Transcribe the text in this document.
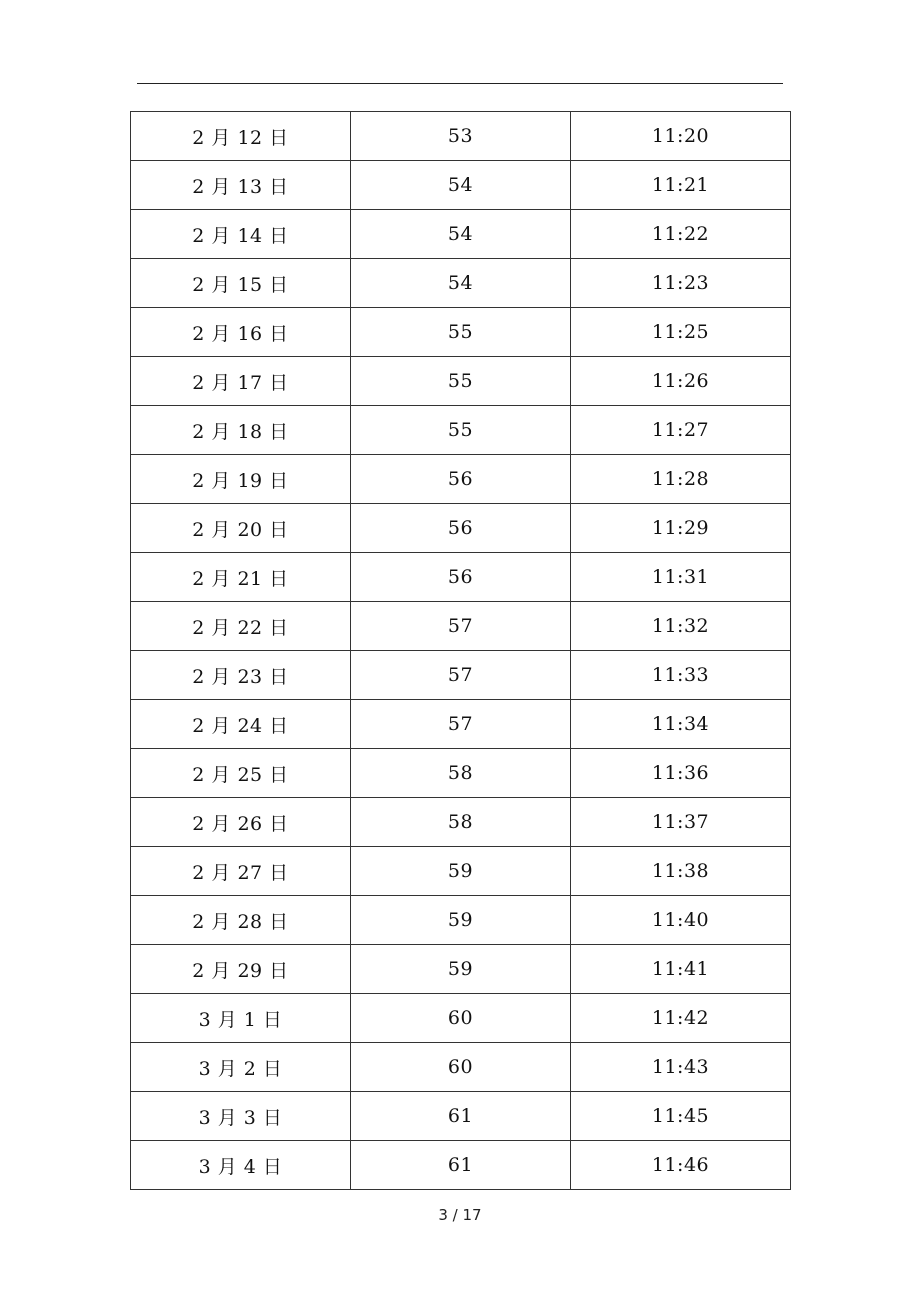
2 月 12 日	53	11:20
2 月 13 日	54	11:21
2 月 14 日	54	11:22
2 月 15 日	54	11:23
2 月 16 日	55	11:25
2 月 17 日	55	11:26
2 月 18 日	55	11:27
2 月 19 日	56	11:28
2 月 20 日	56	11:29
2 月 21 日	56	11:31
2 月 22 日	57	11:32
2 月 23 日	57	11:33
2 月 24 日	57	11:34
2 月 25 日	58	11:36
2 月 26 日	58	11:37
2 月 27 日	59	11:38
2 月 28 日	59	11:40
2 月 29 日	59	11:41
3 月 1 日	60	11:42
3 月 2 日	60	11:43
3 月 3 日	61	11:45
3 月 4 日	61	11:46
3 / 17
